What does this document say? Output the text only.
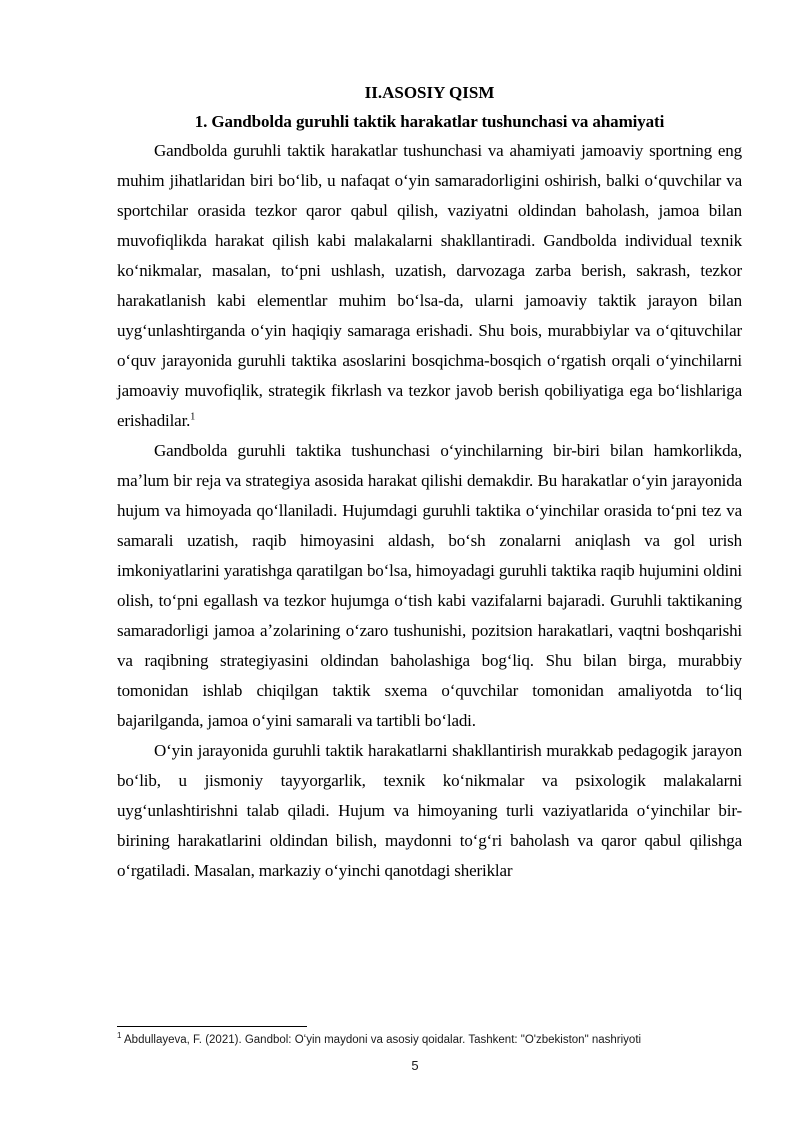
II.ASOSIY QISM
1. Gandbolda guruhli taktik harakatlar tushunchasi va ahamiyati

Gandbolda guruhli taktik harakatlar tushunchasi va ahamiyati jamoaviy sportning eng muhim jihatlaridan biri boʻlib, u nafaqat oʻyin samaradorligini oshirish, balki oʻquvchilar va sportchilar orasida tezkor qaror qabul qilish, vaziyatni oldindan baholash, jamoa bilan muvofiqlikda harakat qilish kabi malakalarni shakllantiradi. Gandbolda individual texnik koʻnikmalar, masalan, toʻpni ushlash, uzatish, darvozaga zarba berish, sakrash, tezkor harakatlanish kabi elementlar muhim boʻlsa-da, ularni jamoaviy taktik jarayon bilan uygʻunlashtirganda oʻyin haqiqiy samaraga erishadi. Shu bois, murabbiylar va oʻqituvchilar oʻquv jarayonida guruhli taktika asoslarini bosqichma-bosqich oʻrgatish orqali oʻyinchilarni jamoaviy muvofiqlik, strategik fikrlash va tezkor javob berish qobiliyatiga ega boʻlishlariga erishadilar.$^1$

Gandbolda guruhli taktika tushunchasi oʻyinchilarning bir-biri bilan hamkorlikda, maʼlum bir reja va strategiya asosida harakat qilishi demakdir. Bu harakatlar oʻyin jarayonida hujum va himoyada qoʻllaniladi. Hujumdagi guruhli taktika oʻyinchilar orasida toʻpni tez va samarali uzatish, raqib himoyasini aldash, boʻsh zonalarni aniqlash va gol urish imkoniyatlarini yaratishga qaratilgan boʻlsa, himoyadagi guruhli taktika raqib hujumini oldini olish, toʻpni egallash va tezkor hujumga oʻtish kabi vazifalarni bajaradi. Guruhli taktikaning samaradorligi jamoa aʼzolarining oʻzaro tushunishi, pozitsion harakatlari, vaqtni boshqarishi va raqibning strategiyasini oldindan baholashiga bogʻliq. Shu bilan birga, murabbiy tomonidan ishlab chiqilgan taktik sxema oʻquvchilar tomonidan amaliyotda toʻliq bajarilganda, jamoa oʻyini samarali va tartibli boʻladi.

Oʻyin jarayonida guruhli taktik harakatlarni shakllantirish murakkab pedagogik jarayon boʻlib, u jismoniy tayyorgarlik, texnik koʻnikmalar va psixologik malakalarni uygʻunlashtirishni talab qiladi. Hujum va himoyaning turli vaziyatlarida oʻyinchilar bir-birining harakatlarini oldindan bilish, maydonni toʻgʻri baholash va qaror qabul qilishga oʻrgatiladi. Masalan, markaziy oʻyinchi qanotdagi sheriklar

$^1$ Abdullayeva, F. (2021). Gandbol: Oʻyin maydoni va asosiy qoidalar. Tashkent: "O'zbekiston" nashriyoti
5
